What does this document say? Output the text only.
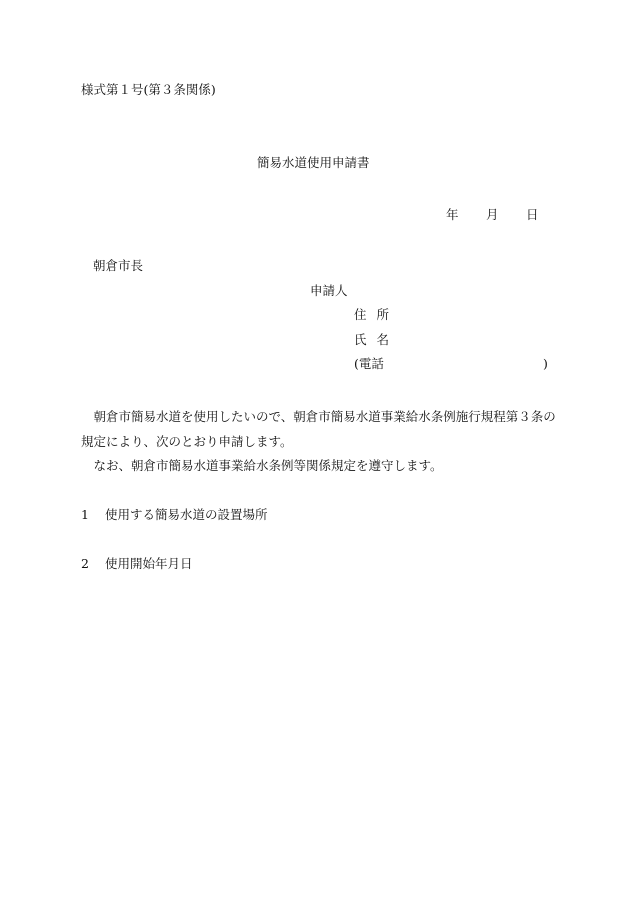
様式第１号(第３条関係)
簡易水道使用申請書
年 月 日
朝倉市長
申請人
住所
氏名
(電話	)

　朝倉市簡易水道を使用したいので、朝倉市簡易水道事業給水条例施行規程第３条の規定により、次のとおり申請します。

　なお、朝倉市簡易水道事業給水条例等関係規定を遵守します。

1 使用する簡易水道の設置場所
2 使用開始年月日
